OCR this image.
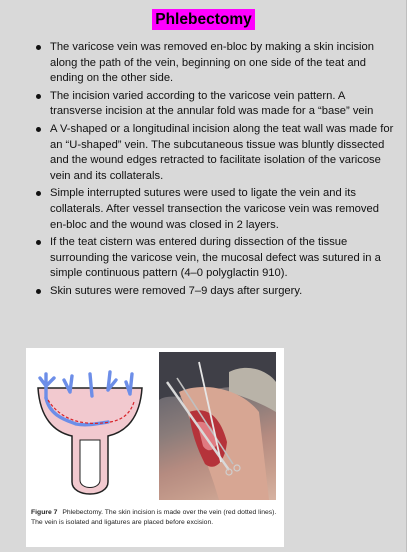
Phlebectomy
The varicose vein was removed en-bloc by making a skin incision along the path of the vein, beginning on one side of the teat and ending on the other side.
The incision varied according to the varicose vein pattern. A transverse incision at the annular fold was made for a “base” vein
A V-shaped or a longitudinal incision along the teat wall was made for an “U-shaped” vein. The subcutaneous tissue was bluntly dissected and the wound edges retracted to facilitate isolation of the varicose vein and its collaterals.
Simple interrupted sutures were used to ligate the vein and its collaterals. After vessel transection the varicose vein was removed en-bloc and the wound was closed in 2 layers.
If the teat cistern was entered during dissection of the tissue surrounding the varicose vein, the mucosal defect was sutured in a simple continuous pattern (4–0 polyglactin 910).
Skin sutures were removed 7–9 days after surgery.
Figure 7 Phlebectomy. The skin incision is made over the vein (red dotted lines). The vein is isolated and ligatures are placed before excision.
